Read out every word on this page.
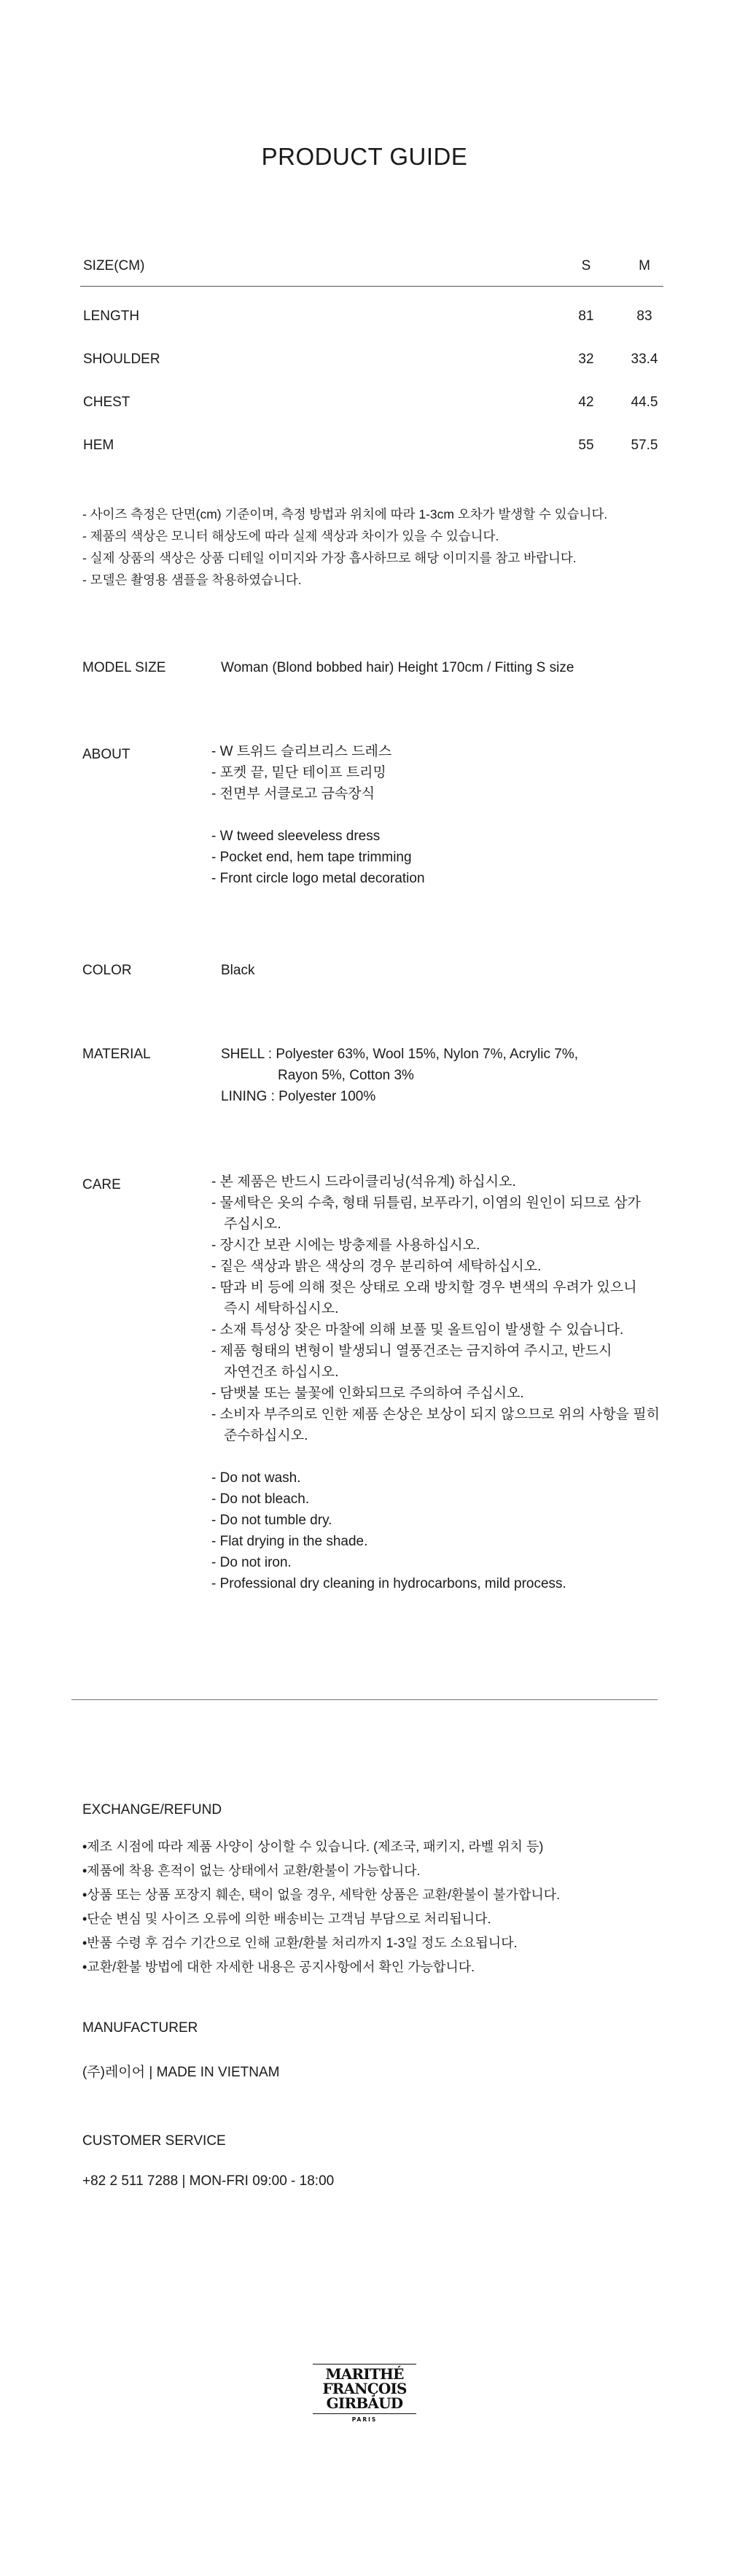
PRODUCT GUIDE
SIZE(CM)	S	M
LENGTH	81	83
SHOULDER	32	33.4
CHEST	42	44.5
HEM	55	57.5
- 사이즈 측정은 단면(cm) 기준이며, 측정 방법과 위치에 따라 1-3cm 오차가 발생할 수 있습니다.
- 제품의 색상은 모니터 해상도에 따라 실제 색상과 차이가 있을 수 있습니다.
- 실제 상품의 색상은 상품 디테일 이미지와 가장 흡사하므로 해당 이미지를 참고 바랍니다.
- 모델은 촬영용 샘플을 착용하였습니다.
MODEL SIZE	Woman (Blond bobbed hair) Height 170cm / Fitting S size
ABOUT	- W 트위드 슬리브리스 드레스
- 포켓 끝, 밑단 테이프 트리밍
- 전면부 서클로고 금속장식
- W tweed sleeveless dress
- Pocket end, hem tape trimming
- Front circle logo metal decoration
COLOR	Black
MATERIAL	SHELL : Polyester 63%, Wool 15%, Nylon 7%, Acrylic 7%,
Rayon 5%, Cotton 3%
LINING : Polyester 100%
CARE	- 본 제품은 반드시 드라이클리닝(석유계) 하십시오.
- 물세탁은 옷의 수축, 형태 뒤틀림, 보푸라기, 이염의 원인이 되므로 삼가
주십시오.
- 장시간 보관 시에는 방충제를 사용하십시오.
- 짙은 색상과 밝은 색상의 경우 분리하여 세탁하십시오.
- 땀과 비 등에 의해 젖은 상태로 오래 방치할 경우 변색의 우려가 있으니
즉시 세탁하십시오.
- 소재 특성상 잦은 마찰에 의해 보풀 및 올트임이 발생할 수 있습니다.
- 제품 형태의 변형이 발생되니 열풍건조는 금지하여 주시고, 반드시
자연건조 하십시오.
- 담뱃불 또는 불꽃에 인화되므로 주의하여 주십시오.
- 소비자 부주의로 인한 제품 손상은 보상이 되지 않으므로 위의 사항을 필히
준수하십시오.
- Do not wash.
- Do not bleach.
- Do not tumble dry.
- Flat drying in the shade.
- Do not iron.
- Professional dry cleaning in hydrocarbons, mild process.
EXCHANGE/REFUND
•제조 시점에 따라 제품 사양이 상이할 수 있습니다. (제조국, 패키지, 라벨 위치 등)
•제품에 착용 흔적이 없는 상태에서 교환/환불이 가능합니다.
•상품 또는 상품 포장지 훼손, 택이 없을 경우, 세탁한 상품은 교환/환불이 불가합니다.
•단순 변심 및 사이즈 오류에 의한 배송비는 고객님 부담으로 처리됩니다.
•반품 수령 후 검수 기간으로 인해 교환/환불 처리까지 1-3일 정도 소요됩니다.
•교환/환불 방법에 대한 자세한 내용은 공지사항에서 확인 가능합니다.
MANUFACTURER
(주)레이어 | MADE IN VIETNAM
CUSTOMER SERVICE
+82 2 511 7288 | MON-FRI 09:00 - 18:00
MARITHÉ
FRANÇOIS
GIRBAUD
PARIS
